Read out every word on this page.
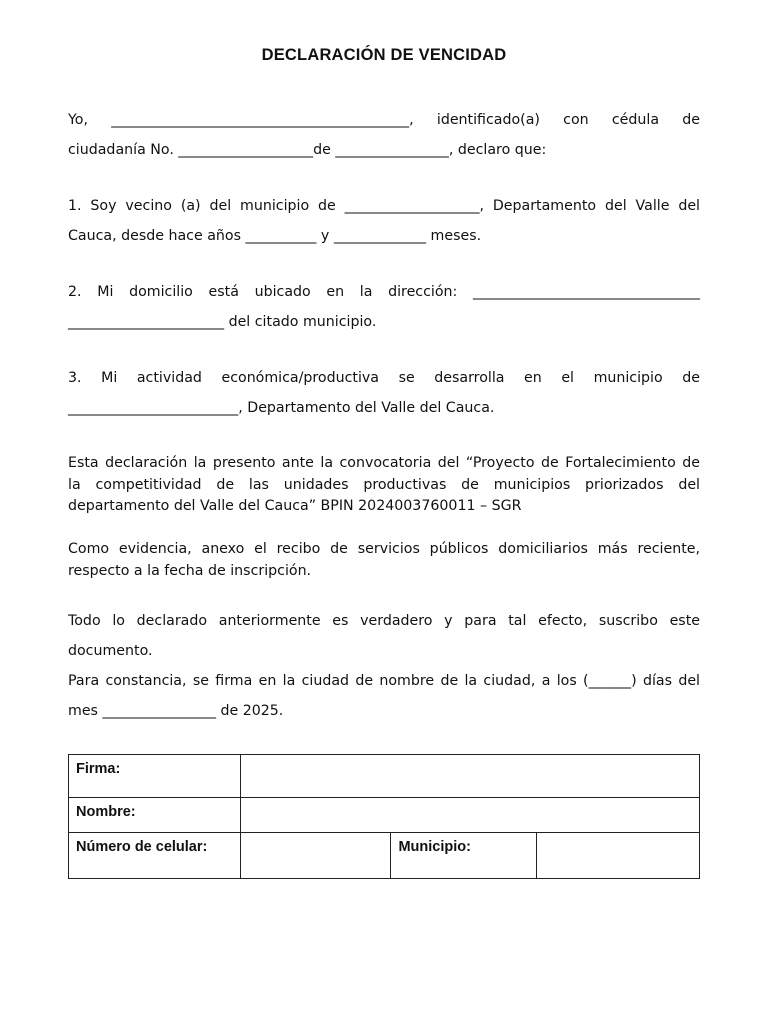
DECLARACIÓN DE VENCIDAD
Yo, __________________________________________, identificado(a) con cédula de
ciudadanía No. ___________________de ________________, declaro que:
1. Soy vecino (a) del municipio de ___________________, Departamento del Valle del
Cauca, desde hace años __________ y _____________ meses.
2. Mi domicilio está ubicado en la dirección: ________________________________
______________________ del citado municipio.
3. Mi actividad económica/productiva se desarrolla en el municipio de
________________________, Departamento del Valle del Cauca.
Esta declaración la presento ante la convocatoria del “Proyecto de Fortalecimiento de
la competitividad de las unidades productivas de municipios priorizados del
departamento del Valle del Cauca” BPIN 2024003760011 – SGR
Como evidencia, anexo el recibo de servicios públicos domiciliarios más reciente,
respecto a la fecha de inscripción.
Todo lo declarado anteriormente es verdadero y para tal efecto, suscribo este
documento.
Para constancia, se firma en la ciudad de nombre de la ciudad, a los (______) días del
mes ________________ de 2025.
Firma:			
Nombre:			
Número de celular:		Municipio:	
